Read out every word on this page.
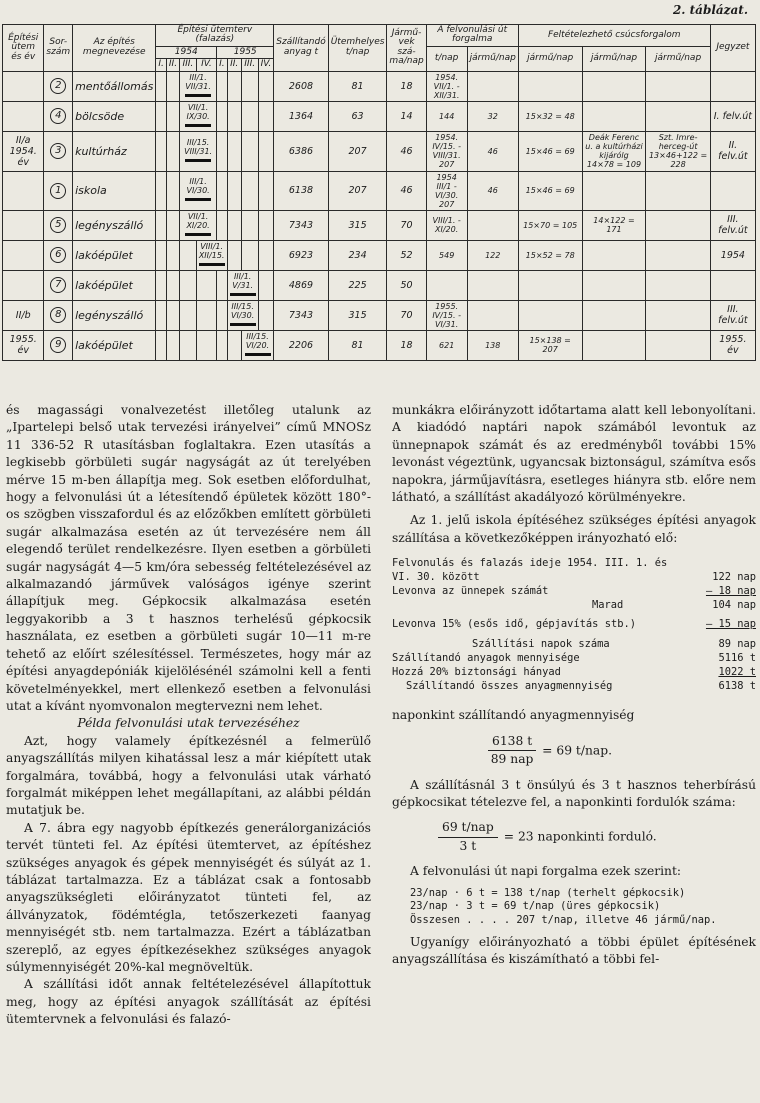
2. táblázat.
Építési ütem és év	Sor-szám	Az építés megnevezése	Építési ütemterv (falazás)								Szállítandó anyag t	Ütemhelyes t/nap	Jármű-vek szá-ma/nap	A felvonulási út forgalma		Feltételezhető csúcsforgalom			Jegyzet
			1954				1955							t/nap	jármű/nap	jármű/nap	jármű/nap	jármű/nap	
			I.	II.	III.	IV.	I.	II.	III.	IV.									
	2	mentőállomás			III/1. VII/31.						2608	81	18	1954. VII/1. - XII/31.					
	4	bölcsöde			VII/1. IX/30.						1364	63	14	144	32	15×32 = 48			I. felv.út
II/a 1954. év	3	kultúrház			III/15. VIII/31.						6386	207	46	1954. IV/15. - VIII/31. 207	46	15×46 = 69	Deák Ferenc u. a kultúrházi kijárólg 14×78 = 109	Szt. Imre-herceg-út 13×46+122 = 228	II. felv.út
	1	iskola			III/1. VI/30.						6138	207	46	1954 III/1 - VI/30. 207	46	15×46 = 69			
	5	legényszálló			VII/1. XI/20.						7343	315	70	VIII/1. - XI/20.		15×70 = 105	14×122 = 171		III. felv.út
	6	lakóépület				VIII/1. XII/15.					6923	234	52	549	122	15×52 = 78			1954
	7	lakóépület						III/1. V/31.			4869	225	50						
II/b	8	legényszálló						III/15. VI/30.			7343	315	70	1955. IV/15. - VI/31.					III. felv.út
1955. év	9	lakóépület							III/15. VI/20.		2206	81	18	621	138	15×138 = 207			1955. év

és magassági vonalvezetést illetőleg utalunk az „Ipartelepi belső utak tervezési irányelvei” című MNOSz 11 336-52 R utasításban foglaltakra. Ezen utasítás a legkisebb görbületi sugár nagyságát az út terelyében mérve 15 m-ben állapítja meg. Sok esetben előfordulhat, hogy a felvonulási út a létesítendő épületek között 180°-os szögben visszafordul és az előzőkben említett görbületi sugár alkalmazása esetén az út tervezésére nem áll elegendő terület rendelkezésre. Ilyen esetben a görbületi sugár nagyságát 4—5 km/óra sebesség feltételezésével az alkalmazandó járművek valóságos igénye szerint állapítjuk meg. Gépkocsik alkalmazása esetén leggyakoribb a 3 t hasznos terhelésű gépkocsik használata, ez esetben a görbületi sugár 10—11 m-re tehető az előírt szélesítéssel. Természetes, hogy már az építési anyagdepóniák kijelölésénél számolni kell a fenti követelményekkel, mert ellenkező esetben a felvonulási utat a kívánt nyomvonalon megtervezni nem lehet.

Példa felvonulási utak tervezéséhez

Azt, hogy valamely építkezésnél a felmerülő anyagszállítás milyen kihatással lesz a már kiépített utak forgalmára, továbbá, hogy a felvonulási utak várható forgalmát miképpen lehet megállapítani, az alábbi példán mutatjuk be.

A 7. ábra egy nagyobb építkezés generálorganizációs tervét tünteti fel. Az építési ütemtervet, az építéshez szükséges anyagok és gépek mennyiségét és súlyát az 1. táblázat tartalmazza. Ez a táblázat csak a fontosabb anyagszükségleti előirányzatot tünteti fel, az állványzatok, födémtégla, tetőszerkezeti faanyag mennyiségét stb. nem tartalmazza. Ezért a táblázatban szereplő, az egyes építkezésekhez szükséges anyagok súlymennyiségét 20%-kal megnöveltük.

A szállítási időt annak feltételezésével állapítottuk meg, hogy az építési anyagok szállítását az építési ütemtervnek a felvonulási és falazó-

munkákra előirányzott időtartama alatt kell lebonyolítani. A kiadódó naptári napok számából levontuk az ünnepnapok számát és az eredményből további 15% levonást végeztünk, ugyancsak biztonságul, számítva esős napokra, járműjavításra, esetleges hiányra stb. előre nem látható, a szállítást akadályozó körülményekre.

Az 1. jelű iskola építéséhez szükséges építési anyagok szállítása a következőképpen irányozható elő:

Felvonulás és falazás ideje 1954. III. 1. és
VI. 30. között	122 nap
Levonva az ünnepek számát	— 18 nap
Marad	104 nap
Levonva 15% (esős idő, gépjavítás stb.)	— 15 nap
Szállítási napok száma	89 nap
Szállítandó anyagok mennyisége	5116 t
Hozzá 20% biztonsági hányad	1022 t
Szállítandó összes anyagmennyiség	6138 t

naponkint szállítandó anyagmennyiség

$\frac{6138 t}{\text{89 nap}} = 69$ t/nap.

A szállításnál 3 t önsúlyú és 3 t hasznos teherbírású gépkocsikat tételezve fel, a naponkinti fordulók száma:

$\frac{\text{69 t/nap}}{3 t} = 23$ naponkinti forduló.

A felvonulási út napi forgalma ezek szerint:

23/nap · 6 t = 138 t/nap (terhelt gépkocsik)
23/nap · 3 t = 69 t/nap (üres gépkocsik)
Összesen . . . . 207 t/nap, illetve 46 jármű/nap.

Ugyanígy előirányozható a többi épület építésének anyagszállítása és kiszámítható a többi fel-
